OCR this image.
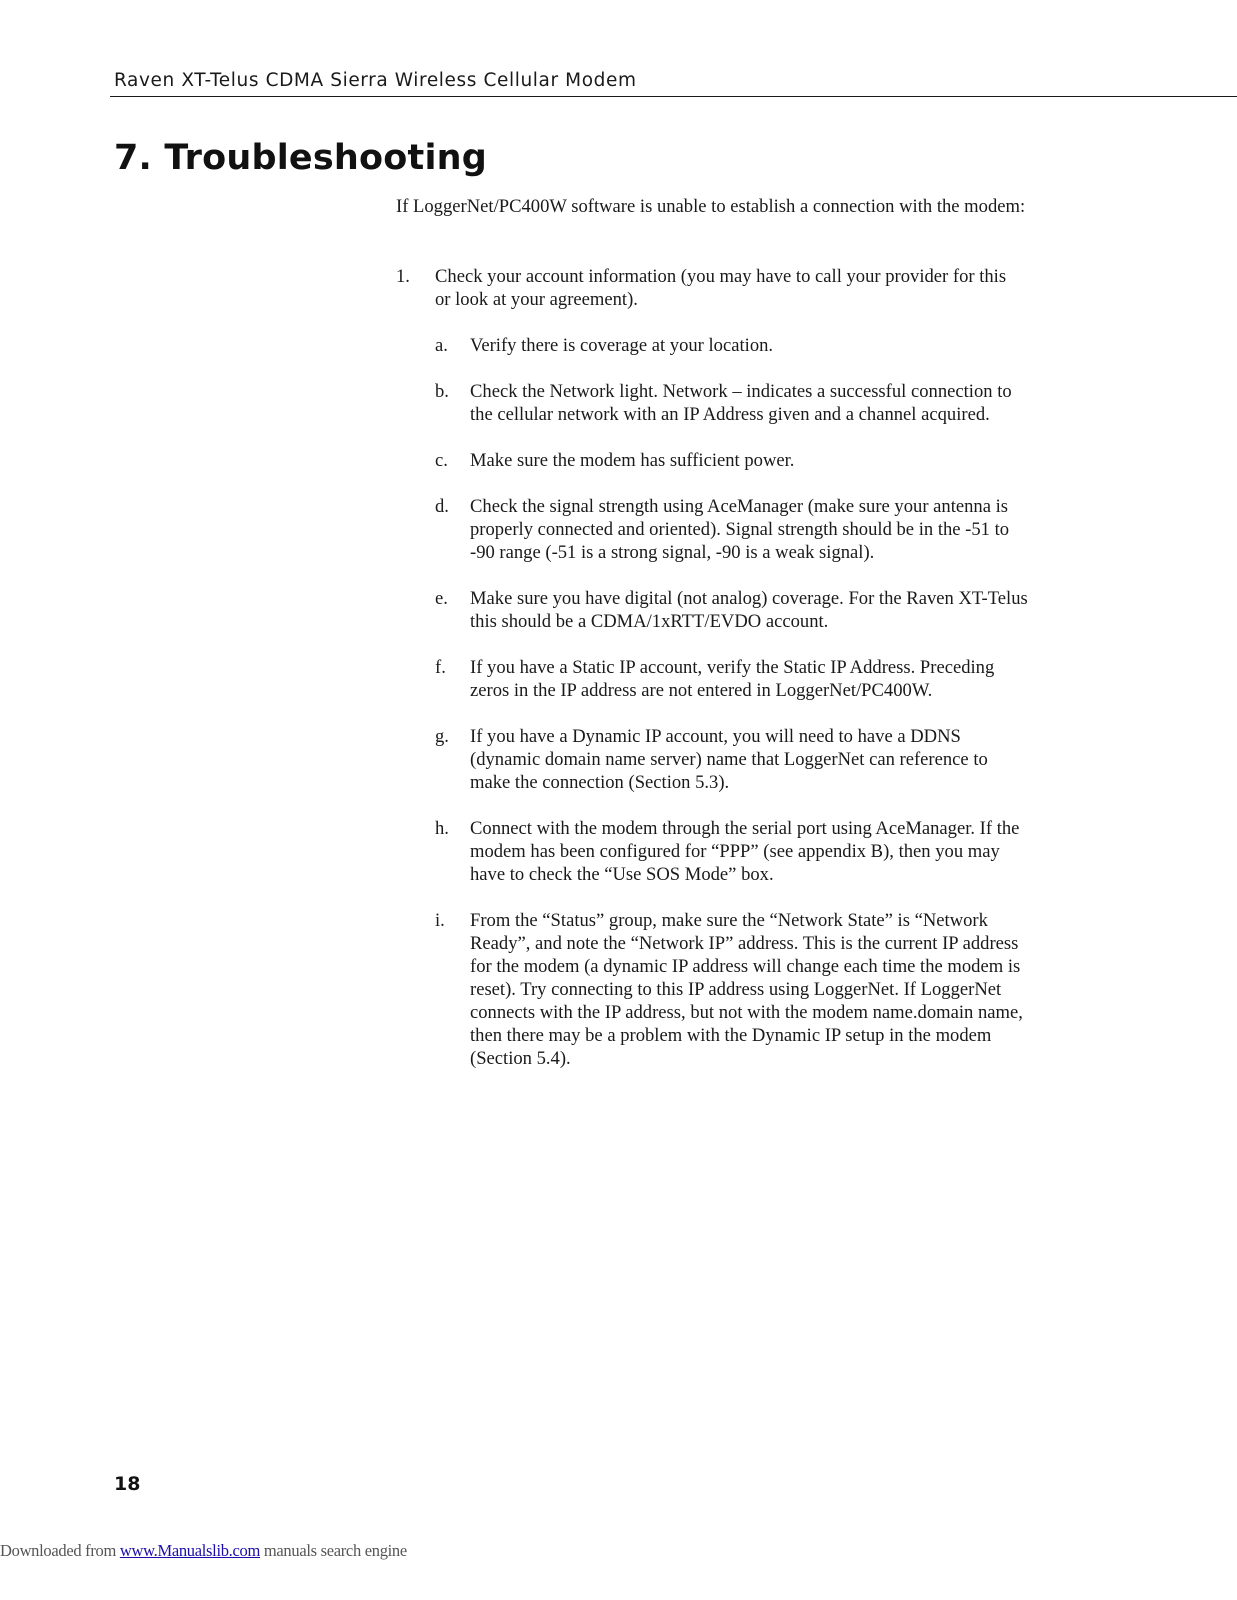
Raven XT-Telus CDMA Sierra Wireless Cellular Modem
7. Troubleshooting

If LoggerNet/PC400W software is unable to establish a connection with the modem:

1. Check your account information (you may have to call your provider for this or look at your agreement).
a. Verify there is coverage at your location.
b. Check the Network light. Network – indicates a successful connection to the cellular network with an IP Address given and a channel acquired.
c. Make sure the modem has sufficient power.
d. Check the signal strength using AceManager (make sure your antenna is properly connected and oriented). Signal strength should be in the -51 to -90 range (-51 is a strong signal, -90 is a weak signal).
e. Make sure you have digital (not analog) coverage. For the Raven XT-Telus this should be a CDMA/1xRTT/EVDO account.
f. If you have a Static IP account, verify the Static IP Address. Preceding zeros in the IP address are not entered in LoggerNet/PC400W.
g. If you have a Dynamic IP account, you will need to have a DDNS (dynamic domain name server) name that LoggerNet can reference to make the connection (Section 5.3).
h. Connect with the modem through the serial port using AceManager. If the modem has been configured for “PPP” (see appendix B), then you may have to check the “Use SOS Mode” box.
i. From the “Status” group, make sure the “Network State” is “Network Ready”, and note the “Network IP” address. This is the current IP address for the modem (a dynamic IP address will change each time the modem is reset). Try connecting to this IP address using LoggerNet. If LoggerNet connects with the IP address, but not with the modem name.domain name, then there may be a problem with the Dynamic IP setup in the modem (Section 5.4).
18
Downloaded from www.Manualslib.com manuals search engine
